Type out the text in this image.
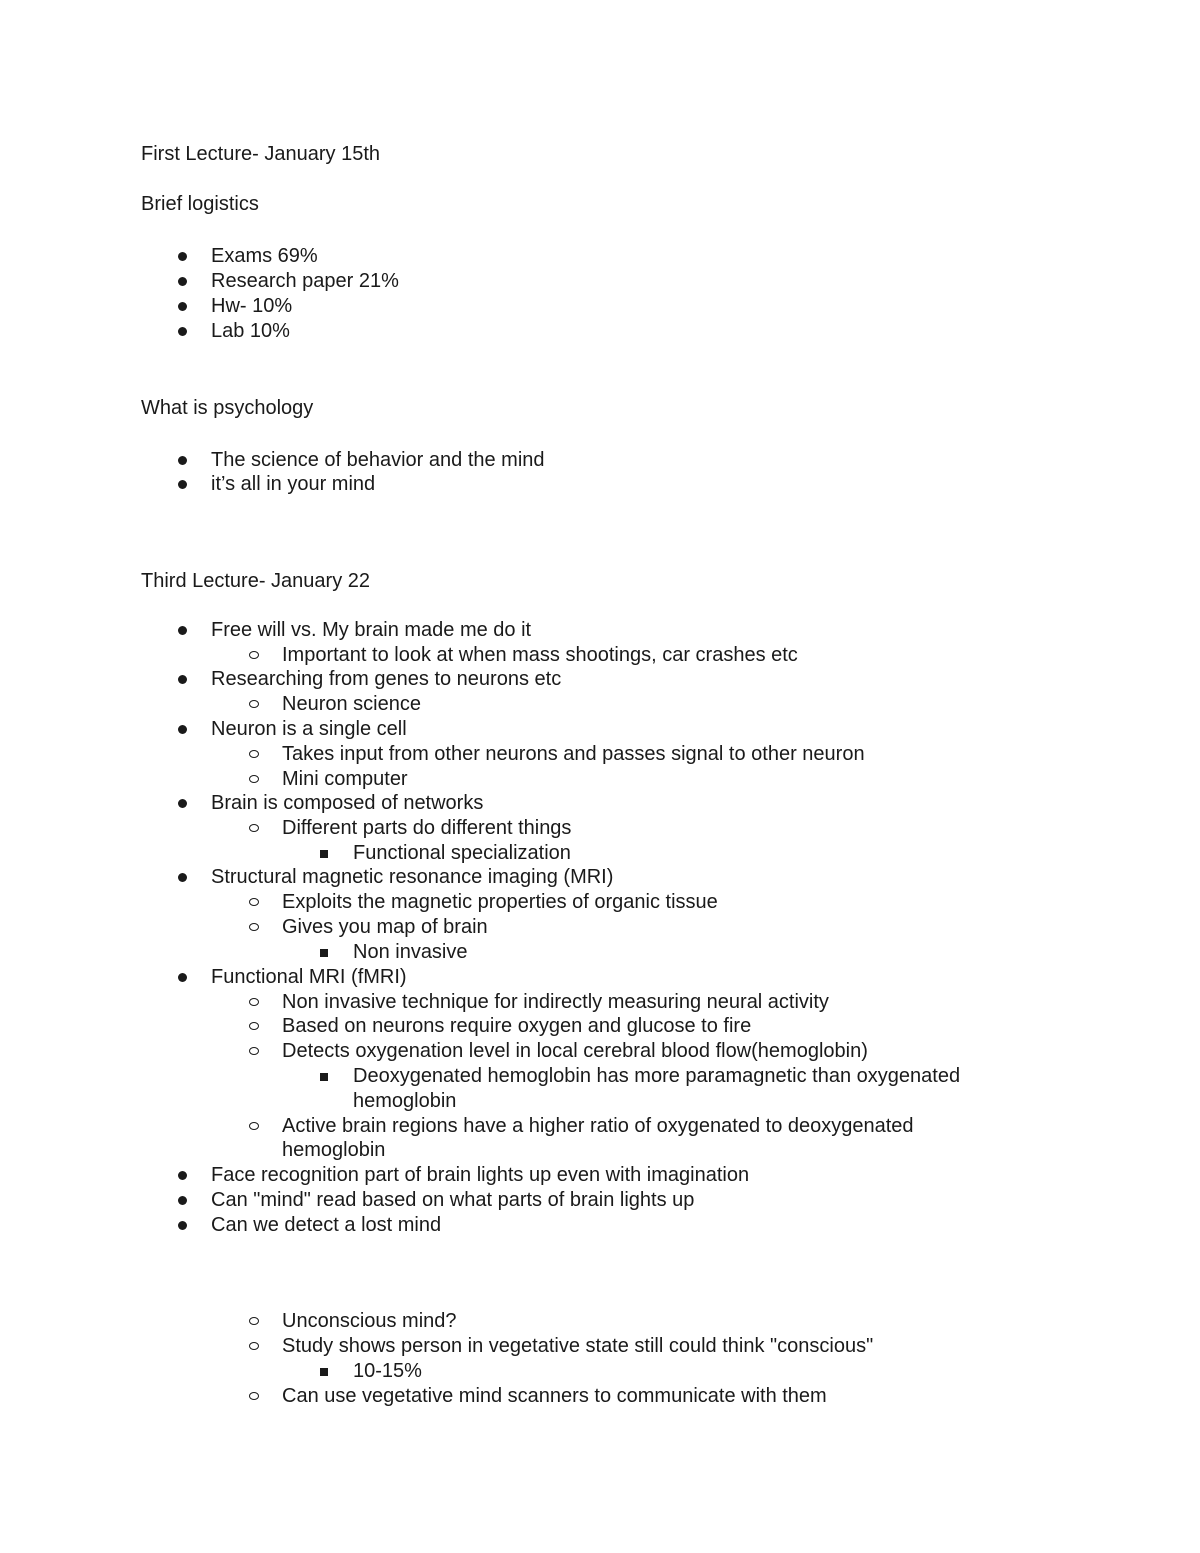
First Lecture- January 15th
Brief logistics
Exams 69%
Research paper 21%
Hw- 10%
Lab 10%
What is psychology
The science of behavior and the mind
it’s all in your mind
Third Lecture- January 22
Free will vs. My brain made me do it
Important to look at when mass shootings, car crashes etc
Researching from genes to neurons etc
Neuron science
Neuron is a single cell
Takes input from other neurons and passes signal to other neuron
Mini computer
Brain is composed of networks
Different parts do different things
Functional specialization
Structural magnetic resonance imaging (MRI)
Exploits the magnetic properties of organic tissue
Gives you map of brain
Non invasive
Functional MRI (fMRI)
Non invasive technique for indirectly measuring neural activity
Based on neurons require oxygen and glucose to fire
Detects oxygenation level in local cerebral blood flow(hemoglobin)
Deoxygenated hemoglobin has more paramagnetic than oxygenated
hemoglobin
Active brain regions have a higher ratio of oxygenated to deoxygenated
hemoglobin
Face recognition part of brain lights up even with imagination
Can "mind" read based on what parts of brain lights up
Can we detect a lost mind
Unconscious mind?
Study shows person in vegetative state still could think "conscious"
10-15%
Can use vegetative mind scanners to communicate with them
